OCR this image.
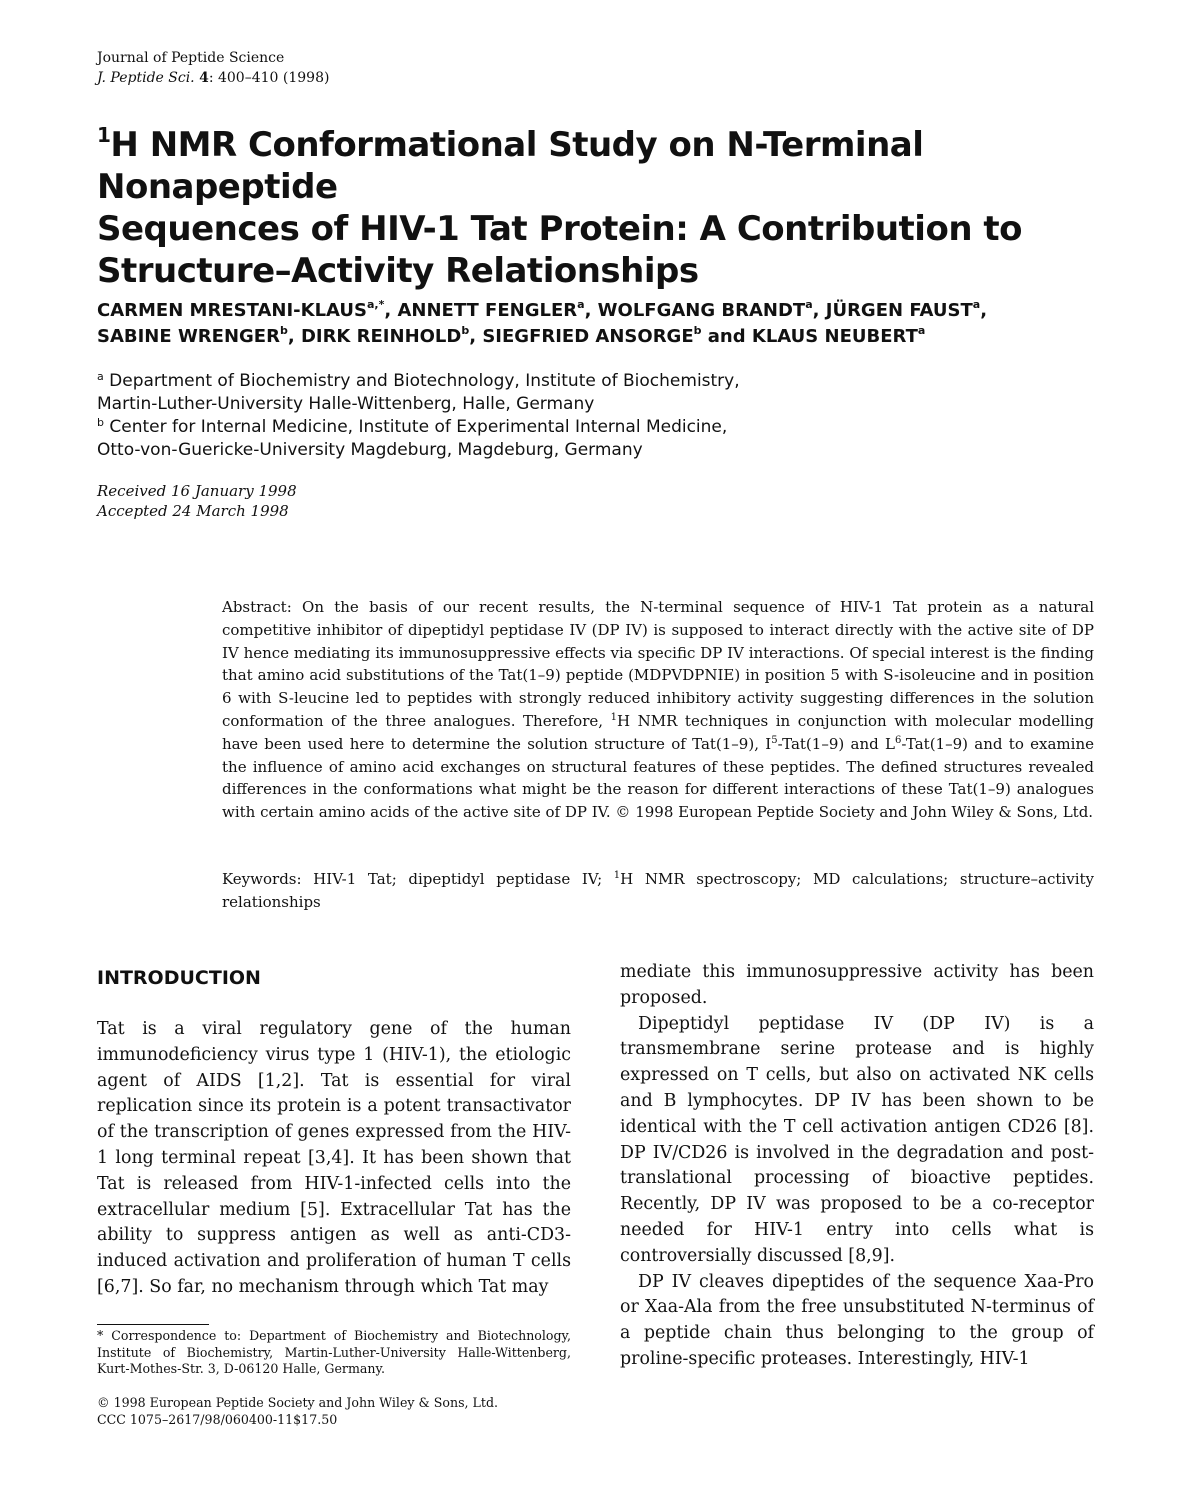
Journal of Peptide Science
J. Peptide Sci. 4: 400–410 (1998)
$^1$H NMR Conformational Study on N-Terminal Nonapeptide
Sequences of HIV-1 Tat Protein: A Contribution to
Structure–Activity Relationships
CARMEN MRESTANI-$KLAUS^{a,*}$, ANNETT FENGLER$^a$, WOLFGANG BRANDT$^a$, JÜRGEN FAUST$^a$,
SABINE WRENGER$^b$, DIRK REINHOLD$^b$, SIEGFRIED ANSORGE$^b$ and KLAUS NEUBERT$^a$
$^a$ Department of Biochemistry and Biotechnology, Institute of Biochemistry,
Martin-Luther-University Halle-Wittenberg, Halle, Germany
$^b$ Center for Internal Medicine, Institute of Experimental Internal Medicine,
Otto-von-Guericke-University Magdeburg, Magdeburg, Germany
Received 16 January 1998
Accepted 24 March 1998
Abstract: On the basis of our recent results, the N-terminal sequence of HIV-1 Tat protein as a natural competitive inhibitor of dipeptidyl peptidase IV (DP IV) is supposed to interact directly with the active site of DP IV hence mediating its immunosuppressive effects via specific DP IV interactions. Of special interest is the finding that amino acid substitutions of the Tat(1–9) peptide (MDPVDPNIE) in position 5 with S-isoleucine and in position 6 with S-leucine led to peptides with strongly reduced inhibitory activity suggesting differences in the solution conformation of the three analogues. Therefore, $^1$H NMR techniques in conjunction with molecular modelling have been used here to determine the solution structure of Tat(1–9), $I^5-Tat(1-9)$ and $L^6-Tat(1-9)$ and to examine the influence of amino acid exchanges on structural features of these peptides. The defined structures revealed differences in the conformations what might be the reason for different interactions of these Tat(1–9) analogues with certain amino acids of the active site of DP IV. © 1998 European Peptide Society and John Wiley & Sons, Ltd.
Keywords: HIV-1 Tat; dipeptidyl peptidase IV; $^1$H NMR spectroscopy; MD calculations; structure–activity relationships
INTRODUCTION

Tat is a viral regulatory gene of the human immunodeficiency virus type 1 (HIV-1), the etiologic agent of AIDS [1,2]. Tat is essential for viral replication since its protein is a potent transactivator of the transcription of genes expressed from the HIV-1 long terminal repeat [3,4]. It has been shown that Tat is released from HIV-1-infected cells into the extracellular medium [5]. Extracellular Tat has the ability to suppress antigen as well as anti-CD3-induced activation and proliferation of human T cells [6,7]. So far, no mechanism through which Tat may

mediate this immunosuppressive activity has been proposed.

Dipeptidyl peptidase IV (DP IV) is a transmembrane serine protease and is highly expressed on T cells, but also on activated NK cells and B lymphocytes. DP IV has been shown to be identical with the T cell activation antigen CD26 [8]. DP IV/CD26 is involved in the degradation and post-translational processing of bioactive peptides. Recently, DP IV was proposed to be a co-receptor needed for HIV-1 entry into cells what is controversially discussed [8,9].

DP IV cleaves dipeptides of the sequence Xaa-Pro or Xaa-Ala from the free unsubstituted N-terminus of a peptide chain thus belonging to the group of proline-specific proteases. Interestingly, HIV-1

* Correspondence to: Department of Biochemistry and Biotechnology, Institute of Biochemistry, Martin-Luther-University Halle-Wittenberg, Kurt-Mothes-Str. 3, D-06120 Halle, Germany.
© 1998 European Peptide Society and John Wiley & Sons, Ltd.
CCC 1075–2617/98/060400-11$17.50
